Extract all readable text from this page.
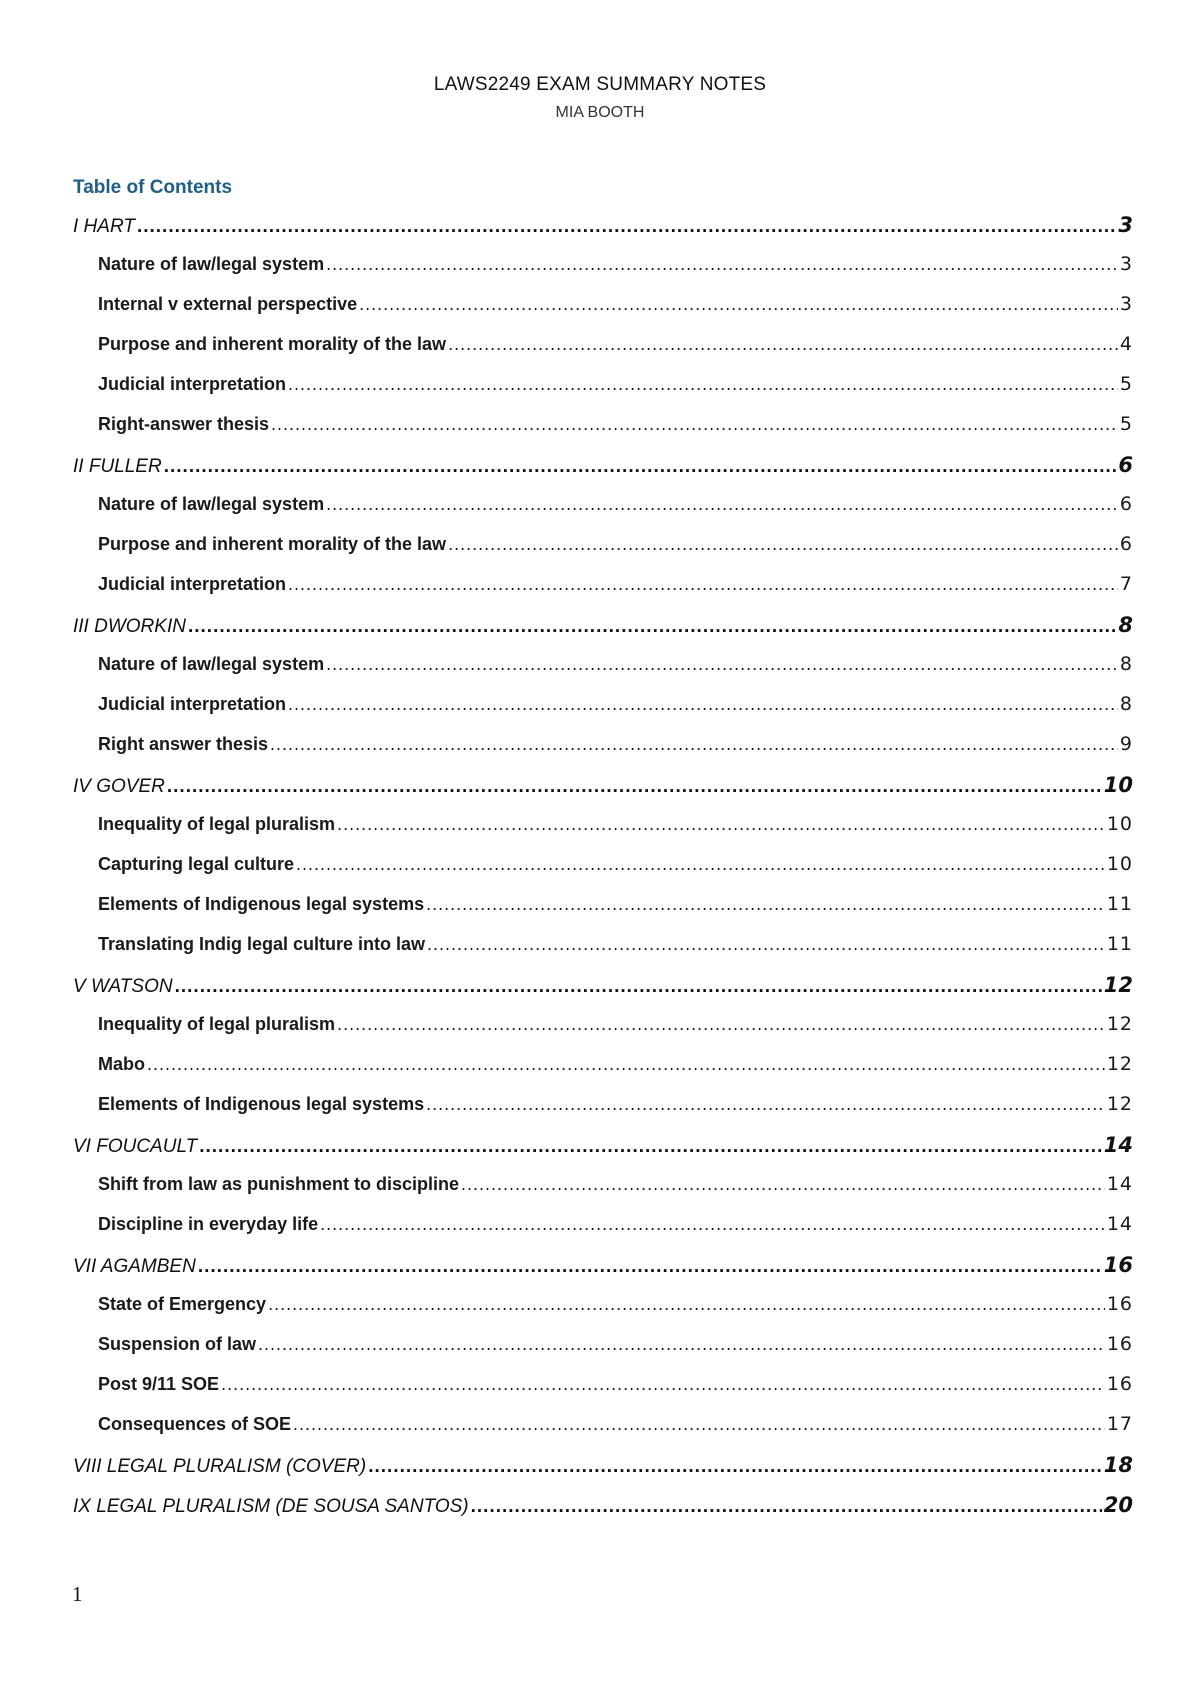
LAWS2249 EXAM SUMMARY NOTES
MIA BOOTH
Table of Contents
I HART .....	3
Nature of law/legal system .....	3
Internal v external perspective .....	3
Purpose and inherent morality of the law .....	4
Judicial interpretation .....	5
Right-answer thesis .....	5
II FULLER .....	6
Nature of law/legal system .....	6
Purpose and inherent morality of the law .....	6
Judicial interpretation .....	7
III DWORKIN .....	8
Nature of law/legal system .....	8
Judicial interpretation .....	8
Right answer thesis .....	9
IV GOVER .....	10
Inequality of legal pluralism .....	10
Capturing legal culture .....	10
Elements of Indigenous legal systems .....	11
Translating Indig legal culture into law .....	11
V WATSON .....	12
Inequality of legal pluralism .....	12
Mabo .....	12
Elements of Indigenous legal systems .....	12
VI FOUCAULT .....	14
Shift from law as punishment to discipline .....	14
Discipline in everyday life .....	14
VII AGAMBEN .....	16
State of Emergency .....	16
Suspension of law .....	16
Post 9/11 SOE .....	16
Consequences of SOE .....	17
VIII LEGAL PLURALISM (COVER) .....	18
IX LEGAL PLURALISM (DE SOUSA SANTOS) .....	20
1
